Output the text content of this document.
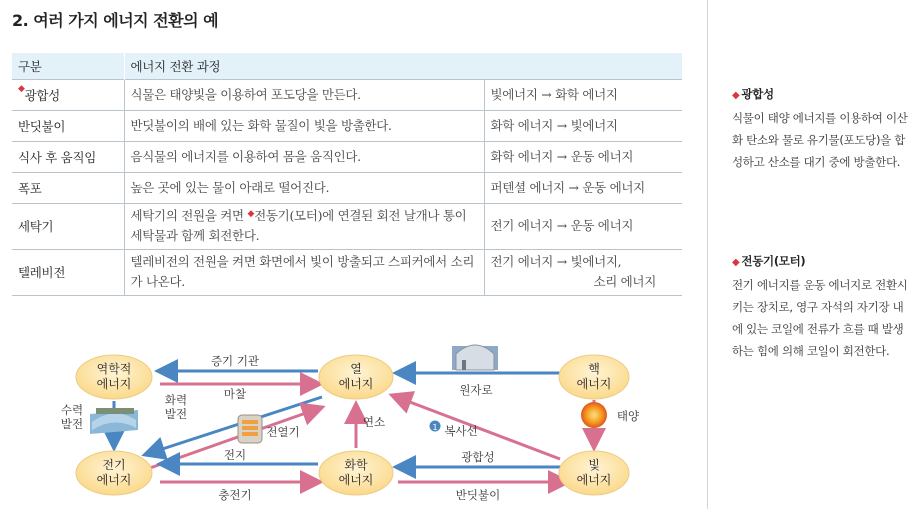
2. 여러 가지 에너지 전환의 예
구분	에너지 전환 과정	
◆광합성	식물은 태양빛을 이용하여 포도당을 만든다.	빛에너지 → 화학 에너지
반딧불이	반딧불이의 배에 있는 화학 물질이 빛을 방출한다.	화학 에너지 → 빛에너지
식사 후 움직임	음식물의 에너지를 이용하여 몸을 움직인다.	화학 에너지 → 운동 에너지
폭포	높은 곳에 있는 물이 아래로 떨어진다.	퍼텐셜 에너지 → 운동 에너지
세탁기	세탁기의 전원을 켜면 ◆전동기(모터)에 연결된 회전 날개나 통이 세탁물과 함께 회전한다.	전기 에너지 → 운동 에너지
텔레비전	텔레비전의 전원을 켜면 화면에서 빛이 방출되고 스피커에서 소리가 나온다.	전기 에너지 → 빛에너지,
소리 에너지
역학적
에너지
열
에너지
핵
에너지
전기
에너지
화학
에너지
빛
에너지
증기 기관
마찰
화력
발전
수력
발전
전열기
원자로
연소	1 복사선
태양
전지
충전기
광합성
반딧불이
◆ 광합성
식물이 태양 에너지를 이용하여 이산화 탄소와 물로 유기물(포도당)을 합성하고 산소를 대기 중에 방출한다.
◆ 전동기(모터)
전기 에너지를 운동 에너지로 전환시키는 장치로, 영구 자석의 자기장 내에 있는 코일에 전류가 흐를 때 발생하는 힘에 의해 코일이 회전한다.
